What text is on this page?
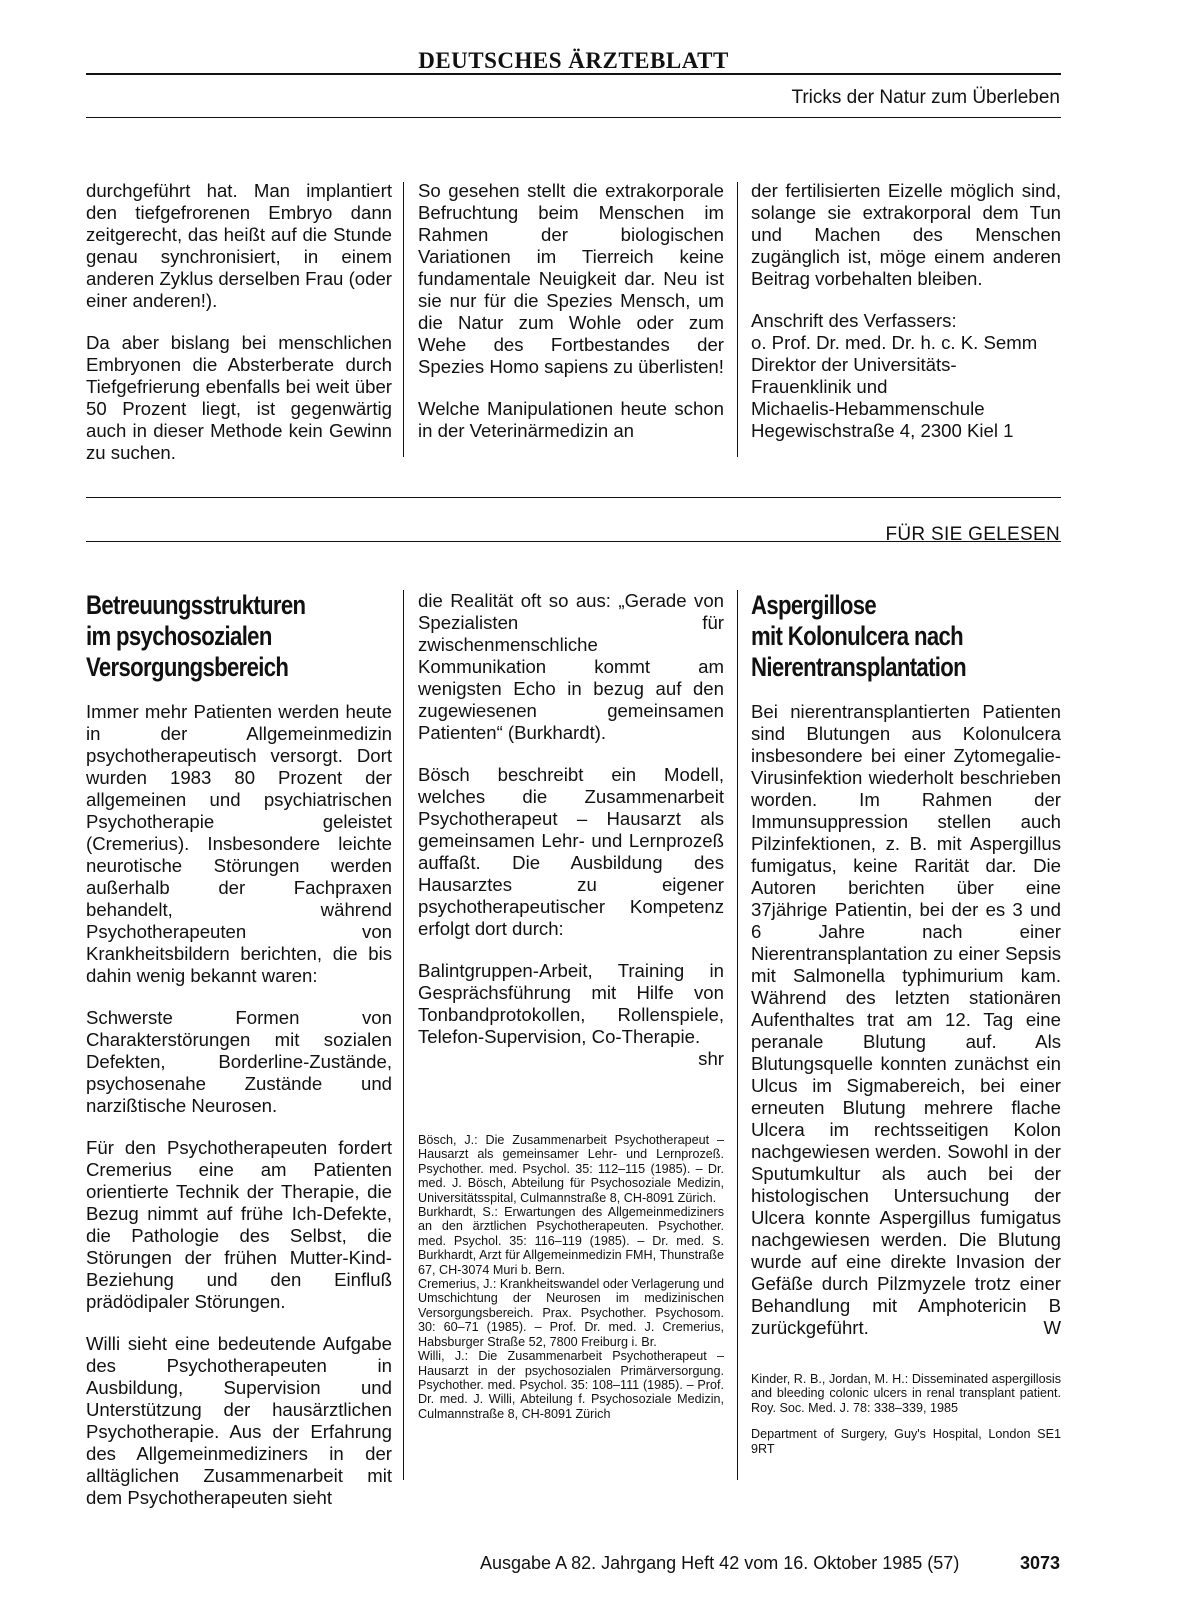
DEUTSCHES ÄRZTEBLATT
Tricks der Natur zum Überleben

durchgeführt hat. Man implantiert den tiefgefrorenen Embryo dann zeitgerecht, das heißt auf die Stunde genau synchronisiert, in einem anderen Zyklus derselben Frau (oder einer anderen!).

Da aber bislang bei menschlichen Embryonen die Absterberate durch Tiefgefrierung ebenfalls bei weit über 50 Prozent liegt, ist gegenwärtig auch in dieser Methode kein Gewinn zu suchen.

So gesehen stellt die extrakorporale Befruchtung beim Menschen im Rahmen der biologischen Variationen im Tierreich keine fundamentale Neuigkeit dar. Neu ist sie nur für die Spezies Mensch, um die Natur zum Wohle oder zum Wehe des Fortbestandes der Spezies Homo sapiens zu überlisten!

Welche Manipulationen heute schon in der Veterinärmedizin an

der fertilisierten Eizelle möglich sind, solange sie extrakorporal dem Tun und Machen des Menschen zugänglich ist, möge einem anderen Beitrag vorbehalten bleiben.

Anschrift des Verfassers:
o. Prof. Dr. med. Dr. h. c. K. Semm
Direktor der Universitäts-
Frauenklinik und
Michaelis-Hebammenschule
Hegewischstraße 4, 2300 Kiel 1
FÜR SIE GELESEN
Betreuungsstrukturen
im psychosozialen
Versorgungsbereich

Immer mehr Patienten werden heute in der Allgemeinmedizin psychotherapeutisch versorgt. Dort wurden 1983 80 Prozent der allgemeinen und psychiatrischen Psychotherapie geleistet (Cremerius). Insbesondere leichte neurotische Störungen werden außerhalb der Fachpraxen behandelt, während Psychotherapeuten von Krankheitsbildern berichten, die bis dahin wenig bekannt waren:

Schwerste Formen von Charakterstörungen mit sozialen Defekten, Borderline-Zustände, psychosenahe Zustände und narzißtische Neurosen.

Für den Psychotherapeuten fordert Cremerius eine am Patienten orientierte Technik der Therapie, die Bezug nimmt auf frühe Ich-Defekte, die Pathologie des Selbst, die Störungen der frühen Mutter-Kind-Beziehung und den Einfluß prädödipaler Störungen.

Willi sieht eine bedeutende Aufgabe des Psychotherapeuten in Ausbildung, Supervision und Unterstützung der hausärztlichen Psychotherapie. Aus der Erfahrung des Allgemeinmediziners in der alltäglichen Zusammenarbeit mit dem Psychotherapeuten sieht

die Realität oft so aus: „Gerade von Spezialisten für zwischenmenschliche Kommunikation kommt am wenigsten Echo in bezug auf den zugewiesenen gemeinsamen Patienten“ (Burkhardt).

Bösch beschreibt ein Modell, welches die Zusammenarbeit Psychotherapeut – Hausarzt als gemeinsamen Lehr- und Lernprozeß auffaßt. Die Ausbildung des Hausarztes zu eigener psychotherapeutischer Kompetenz erfolgt dort durch:

Balintgruppen-Arbeit, Training in Gesprächsführung mit Hilfe von Tonbandprotokollen, Rollenspiele, Telefon-Supervision, Co-Therapie.
shr

Bösch, J.: Die Zusammenarbeit Psychotherapeut – Hausarzt als gemeinsamer Lehr- und Lernprozeß. Psychother. med. Psychol. 35: 112–115 (1985). – Dr. med. J. Bösch, Abteilung für Psychosoziale Medizin, Universitätsspital, Culmannstraße 8, CH-8091 Zürich.

Burkhardt, S.: Erwartungen des Allgemeinmediziners an den ärztlichen Psychotherapeuten. Psychother. med. Psychol. 35: 116–119 (1985). – Dr. med. S. Burkhardt, Arzt für Allgemeinmedizin FMH, Thunstraße 67, CH-3074 Muri b. Bern.

Cremerius, J.: Krankheitswandel oder Verlagerung und Umschichtung der Neurosen im medizinischen Versorgungsbereich. Prax. Psychother. Psychosom. 30: 60–71 (1985). – Prof. Dr. med. J. Cremerius, Habsburger Straße 52, 7800 Freiburg i. Br.

Willi, J.: Die Zusammenarbeit Psychotherapeut – Hausarzt in der psychosozialen Primärversorgung. Psychother. med. Psychol. 35: 108–111 (1985). – Prof. Dr. med. J. Willi, Abteilung f. Psychosoziale Medizin, Culmannstraße 8, CH-8091 Zürich

Aspergillose
mit Kolonulcera nach
Nierentransplantation

Bei nierentransplantierten Patienten sind Blutungen aus Kolonulcera insbesondere bei einer Zytomegalie-Virusinfektion wiederholt beschrieben worden. Im Rahmen der Immunsuppression stellen auch Pilzinfektionen, z. B. mit Aspergillus fumigatus, keine Rarität dar. Die Autoren berichten über eine 37jährige Patientin, bei der es 3 und 6 Jahre nach einer Nierentransplantation zu einer Sepsis mit Salmonella typhimurium kam. Während des letzten stationären Aufenthaltes trat am 12. Tag eine peranale Blutung auf. Als Blutungsquelle konnten zunächst ein Ulcus im Sigmabereich, bei einer erneuten Blutung mehrere flache Ulcera im rechtsseitigen Kolon nachgewiesen werden. Sowohl in der Sputumkultur als auch bei der histologischen Untersuchung der Ulcera konnte Aspergillus fumigatus nachgewiesen werden. Die Blutung wurde auf eine direkte Invasion der Gefäße durch Pilzmyzele trotz einer Behandlung mit Amphotericin B zurückgeführt.	W

Kinder, R. B., Jordan, M. H.: Disseminated aspergillosis and bleeding colonic ulcers in renal transplant patient. Roy. Soc. Med. J. 78: 338–339, 1985

Department of Surgery, Guy's Hospital, London SE1 9RT

Ausgabe A 82. Jahrgang Heft 42 vom 16. Oktober 1985 (57)	3073
